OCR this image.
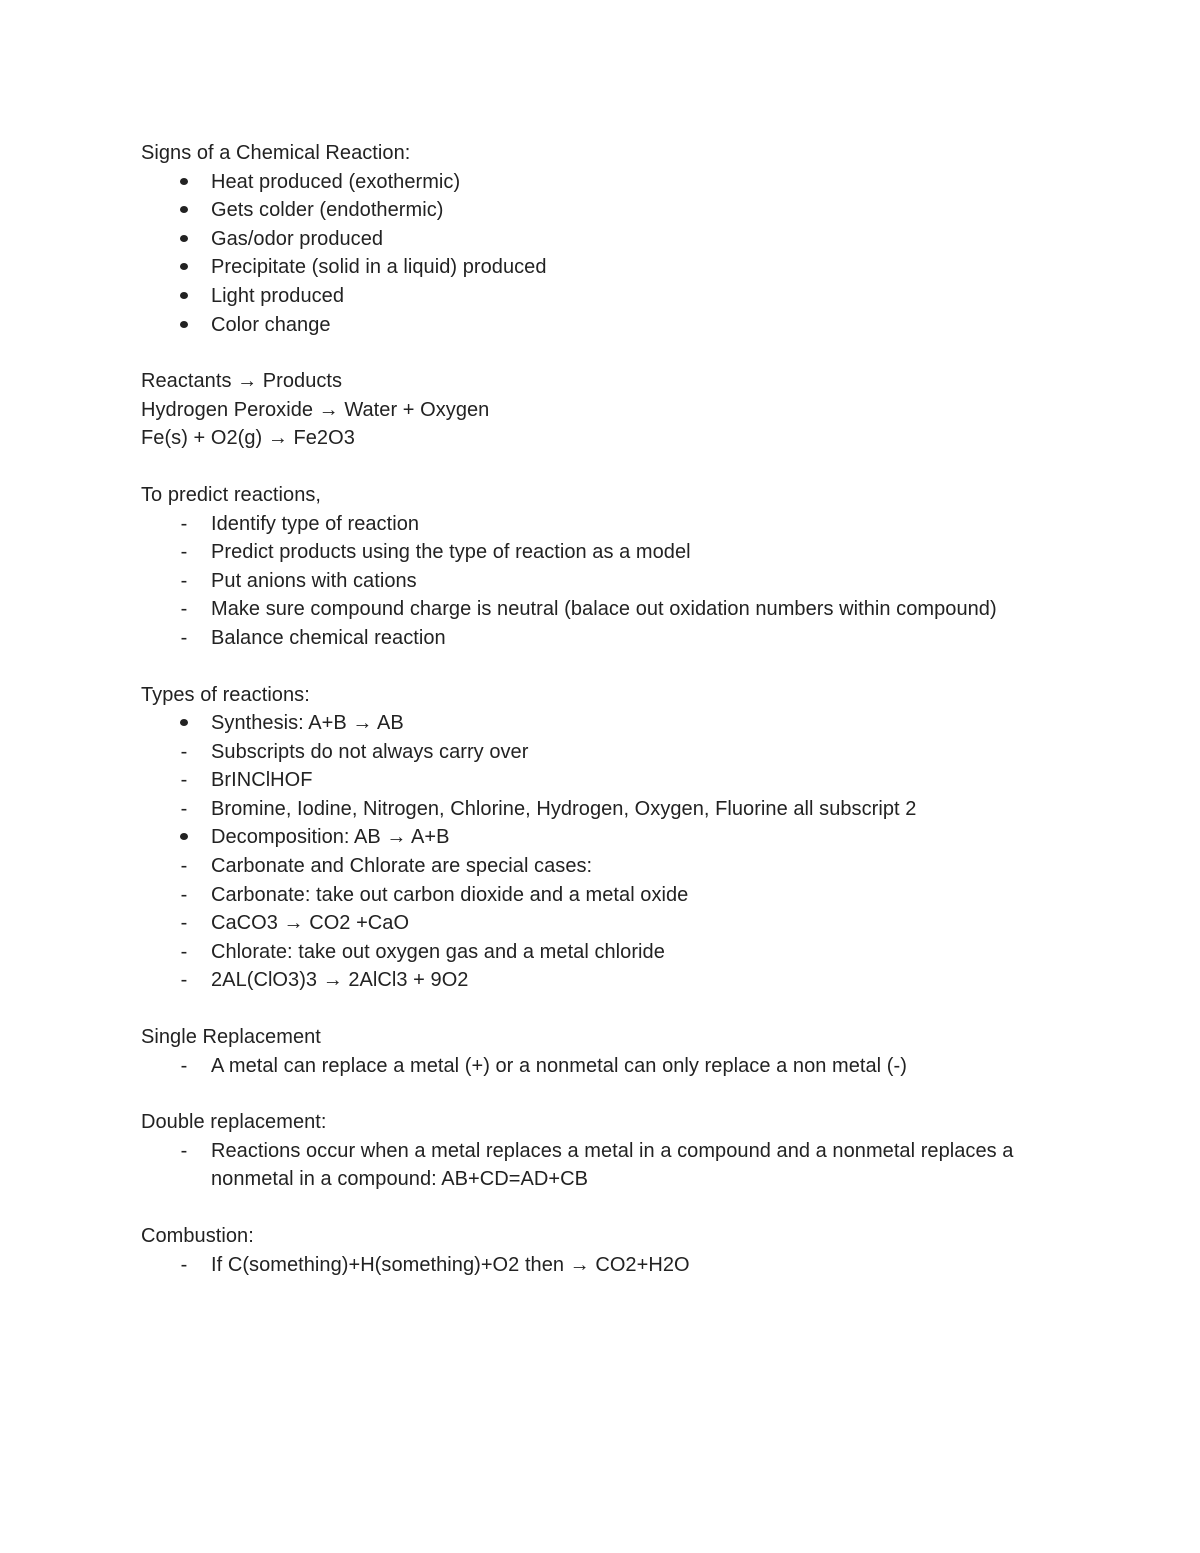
Signs of a Chemical Reaction:
Heat produced (exothermic)
Gets colder (endothermic)
Gas/odor produced
Precipitate (solid in a liquid) produced
Light produced
Color change
Reactants → Products
Hydrogen Peroxide → Water + Oxygen
Fe(s) + O2(g) → Fe2O3
To predict reactions,
-	Identify type of reaction
-	Predict products using the type of reaction as a model
-	Put anions with cations
-	Make sure compound charge is neutral (balace out oxidation numbers within compound)
-	Balance chemical reaction
Types of reactions:
Synthesis: A+B → AB
-	Subscripts do not always carry over
-	BrINClHOF
-	Bromine, Iodine, Nitrogen, Chlorine, Hydrogen, Oxygen, Fluorine all subscript 2
Decomposition: AB → A+B
-	Carbonate and Chlorate are special cases:
-	Carbonate: take out carbon dioxide and a metal oxide
-	CaCO3 → CO2 +CaO
-	Chlorate: take out oxygen gas and a metal chloride
-	2AL(ClO3)3 → 2AlCl3 + 9O2
Single Replacement
-	A metal can replace a metal (+) or a nonmetal can only replace a non metal (-)
Double replacement:
-	Reactions occur when a metal replaces a metal in a compound and a nonmetal replaces a nonmetal in a compound: AB+CD=AD+CB
Combustion:
-	If C(something)+H(something)+O2 then → CO2+H2O
